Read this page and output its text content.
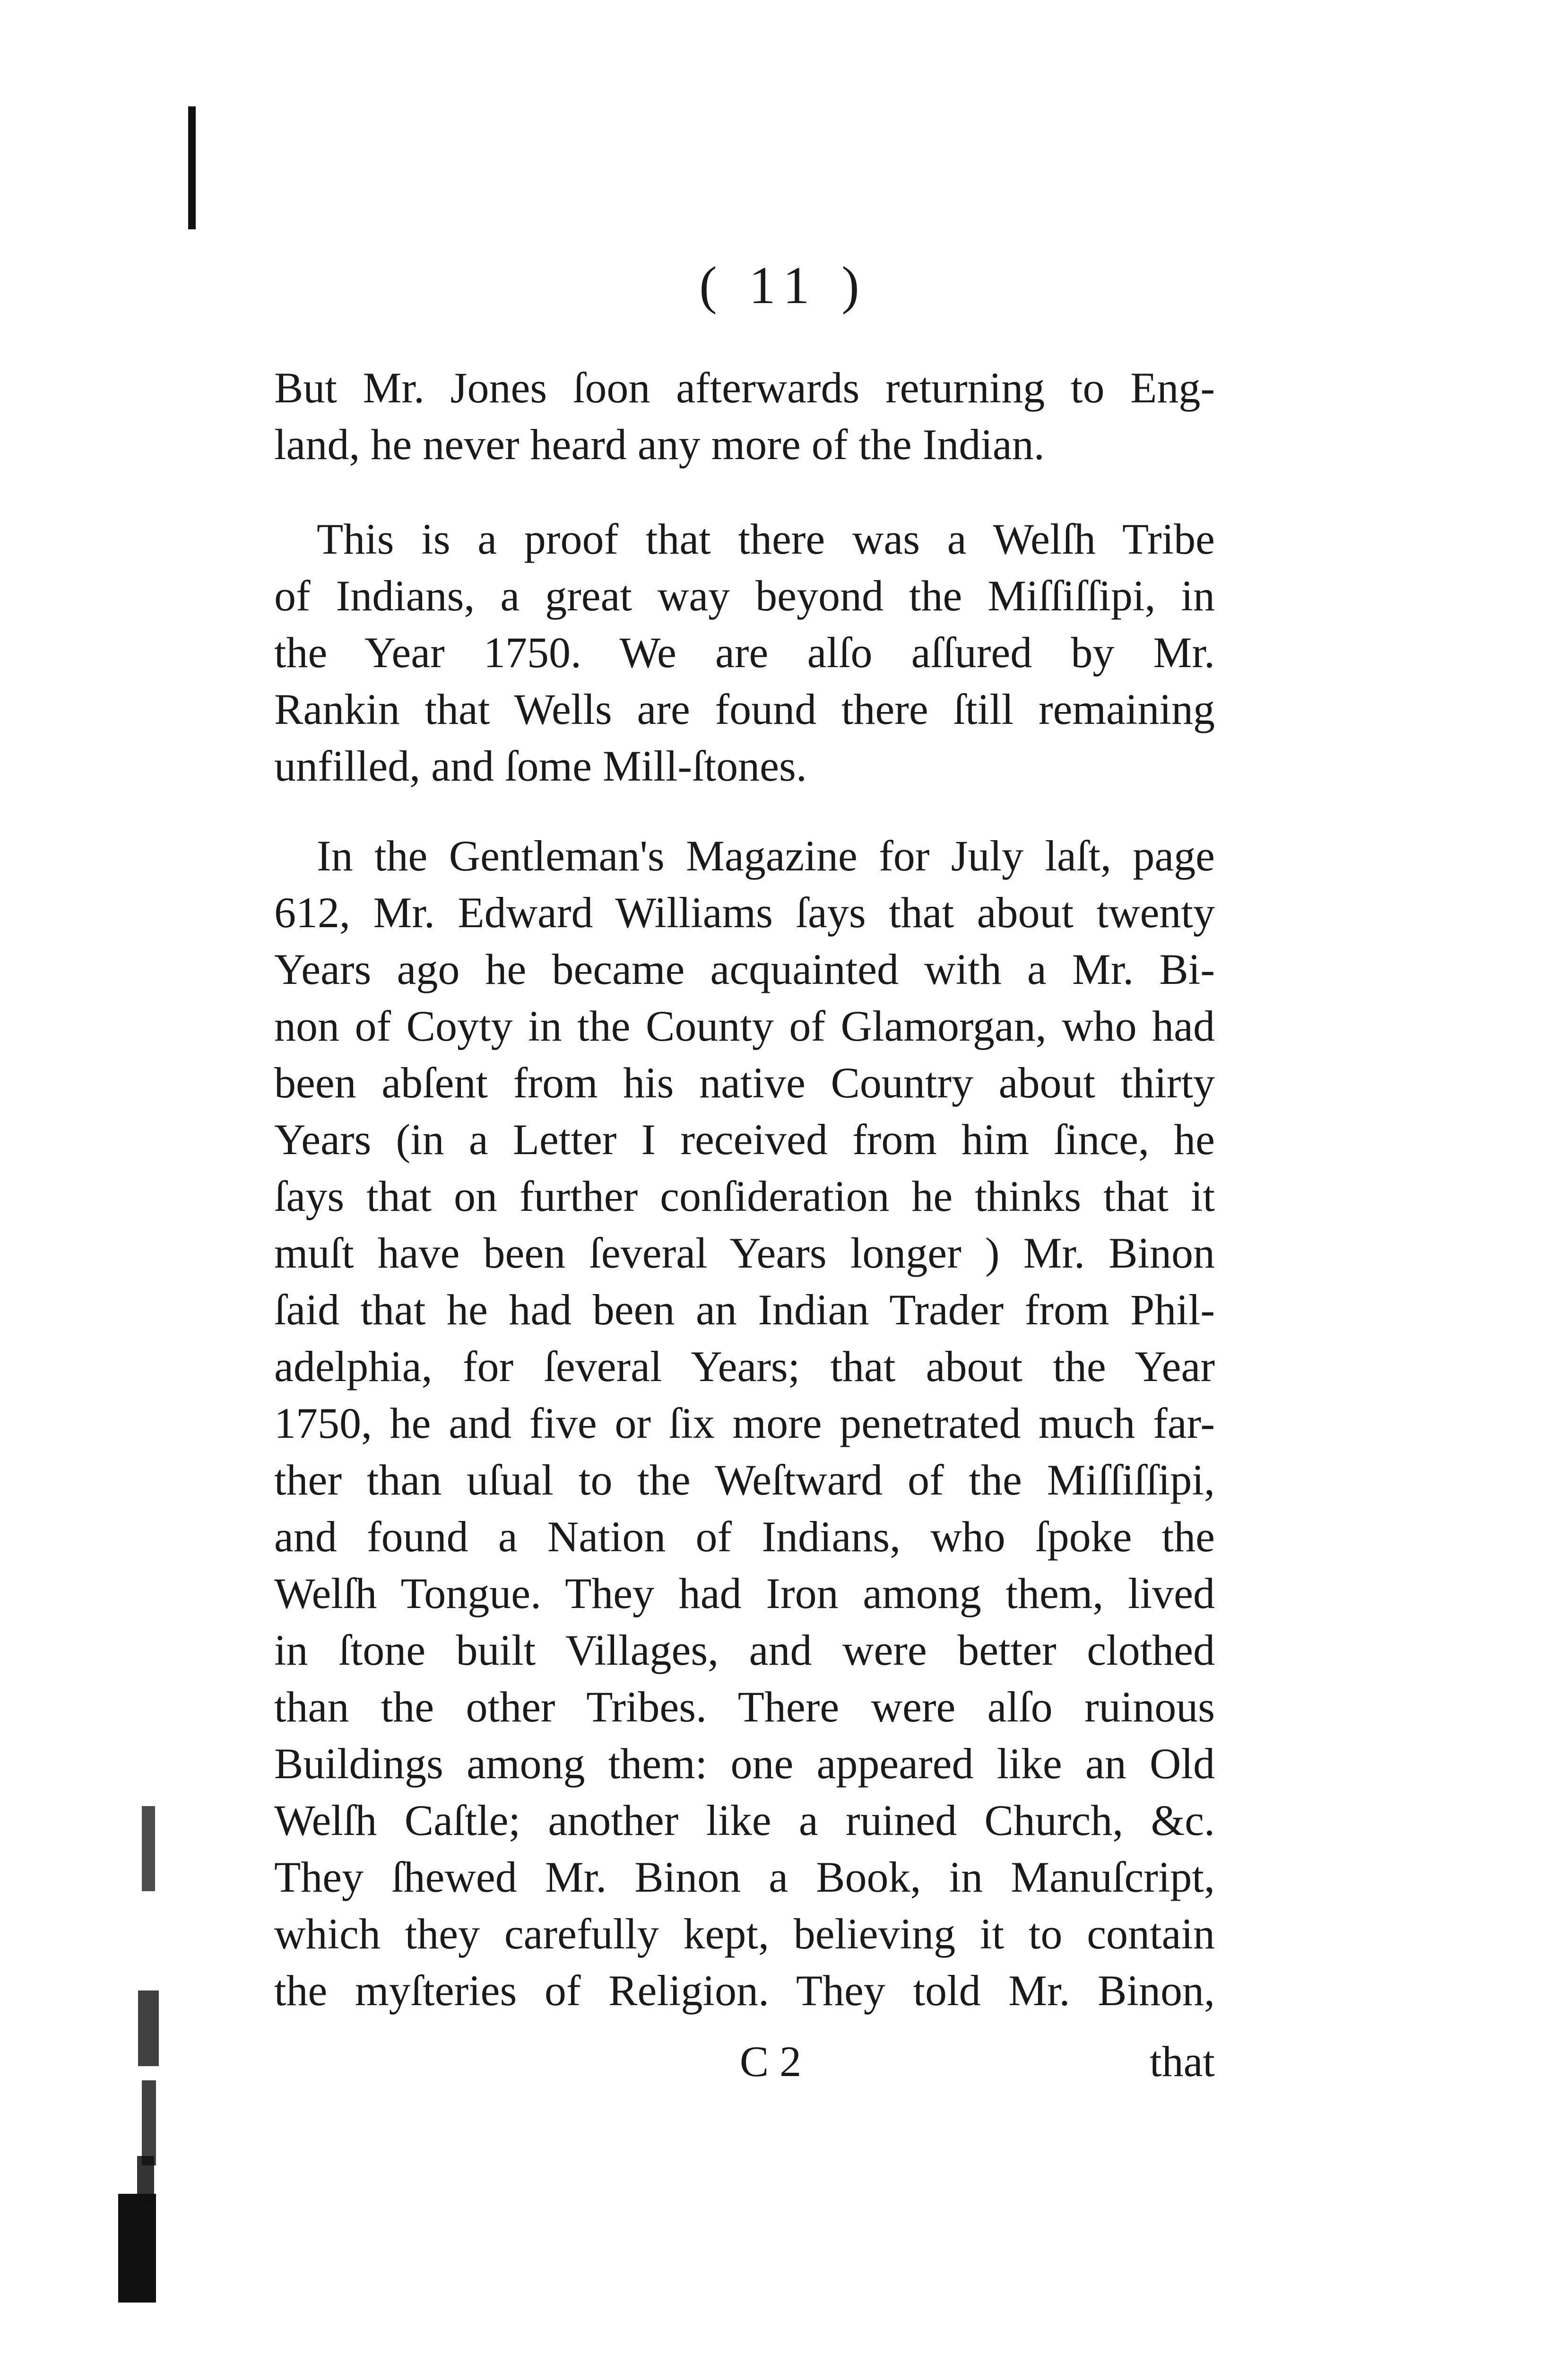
( 11 )
But Mr. Jones ſoon afterwards returning to Eng-
land, he never heard any more of the Indian.
This is a proof that there was a Welſh Tribe
of Indians, a great way beyond the Miſſiſſipi, in
the Year 1750. We are alſo aſſured by Mr.
Rankin that Wells are found there ſtill remaining
unfilled, and ſome Mill-ſtones.
In the Gentleman's Magazine for July laſt, page
612, Mr. Edward Williams ſays that about twenty
Years ago he became acquainted with a Mr. Bi-
non of Coyty in the County of Glamorgan, who had
been abſent from his native Country about thirty
Years (in a Letter I received from him ſince, he
ſays that on further conſideration he thinks that it
muſt have been ſeveral Years longer ) Mr. Binon
ſaid that he had been an Indian Trader from Phil-
adelphia, for ſeveral Years; that about the Year
1750, he and five or ſix more penetrated much far-
ther than uſual to the Weſtward of the Miſſiſſipi,
and found a Nation of Indians, who ſpoke the
Welſh Tongue. They had Iron among them, lived
in ſtone built Villages, and were better clothed
than the other Tribes. There were alſo ruinous
Buildings among them: one appeared like an Old
Welſh Caſtle; another like a ruined Church, &c.
They ſhewed Mr. Binon a Book, in Manuſcript,
which they carefully kept, believing it to contain
the myſteries of Religion. They told Mr. Binon,
C 2	that
